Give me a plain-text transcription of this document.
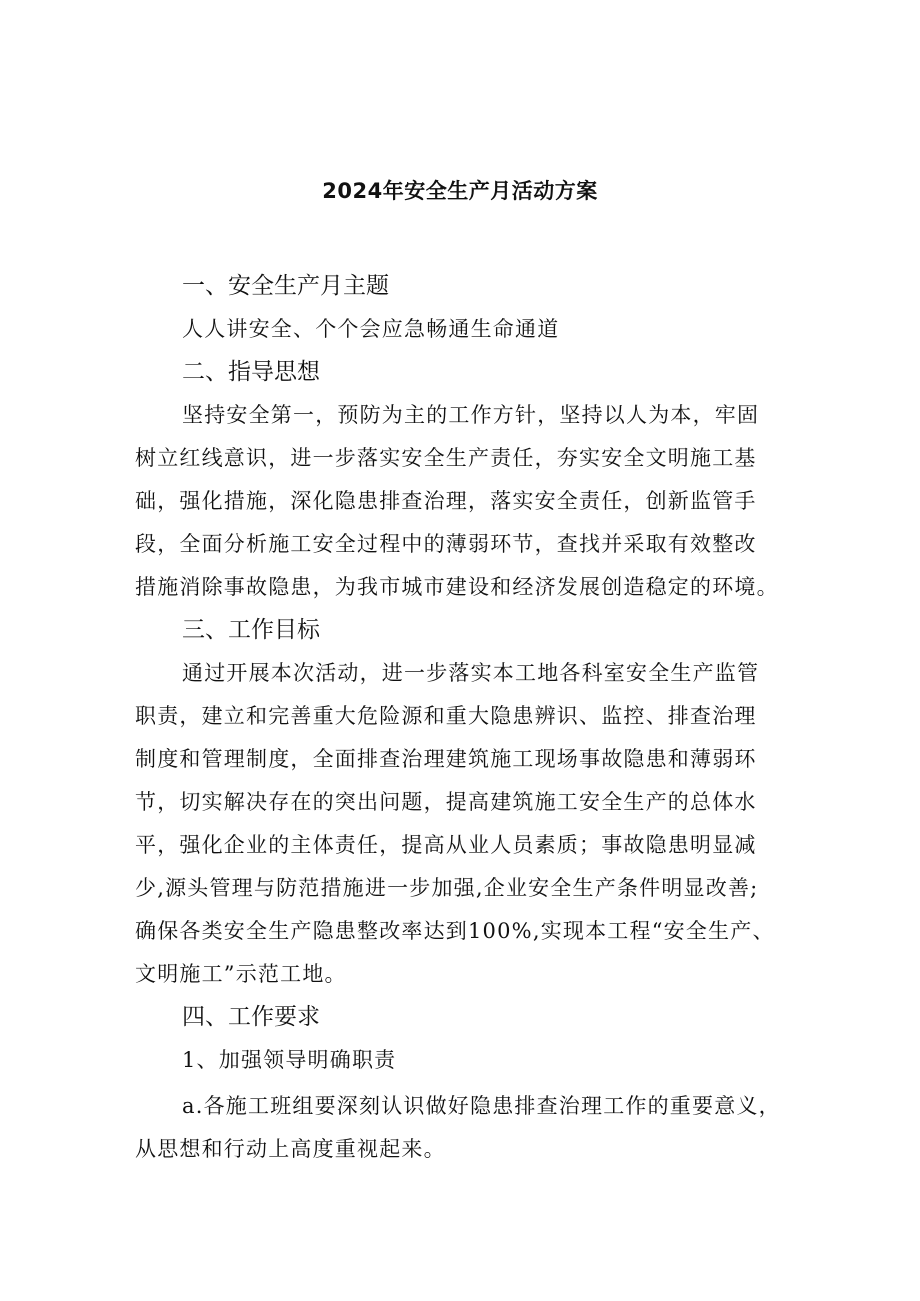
2024年安全生产月活动方案
一、安全生产月主题
人人讲安全、个个会应急畅通生命通道
二、指导思想
坚持安全第一，预防为主的工作方针，坚持以人为本，牢固
树立红线意识，进一步落实安全生产责任，夯实安全文明施工基
础，强化措施，深化隐患排查治理，落实安全责任，创新监管手
段，全面分析施工安全过程中的薄弱环节，查找并采取有效整改
措施消除事故隐患，为我市城市建设和经济发展创造稳定的环境。
三、工作目标
通过开展本次活动，进一步落实本工地各科室安全生产监管
职责，建立和完善重大危险源和重大隐患辨识、监控、排查治理
制度和管理制度，全面排查治理建筑施工现场事故隐患和薄弱环
节，切实解决存在的突出问题，提高建筑施工安全生产的总体水
平，强化企业的主体责任，提高从业人员素质；事故隐患明显减
少,源头管理与防范措施进一步加强,企业安全生产条件明显改善;
确保各类安全生产隐患整改率达到100%,实现本工程“安全生产、
文明施工”示范工地。
四、工作要求
1、加强领导明确职责
a.各施工班组要深刻认识做好隐患排查治理工作的重要意义，
从思想和行动上高度重视起来。
